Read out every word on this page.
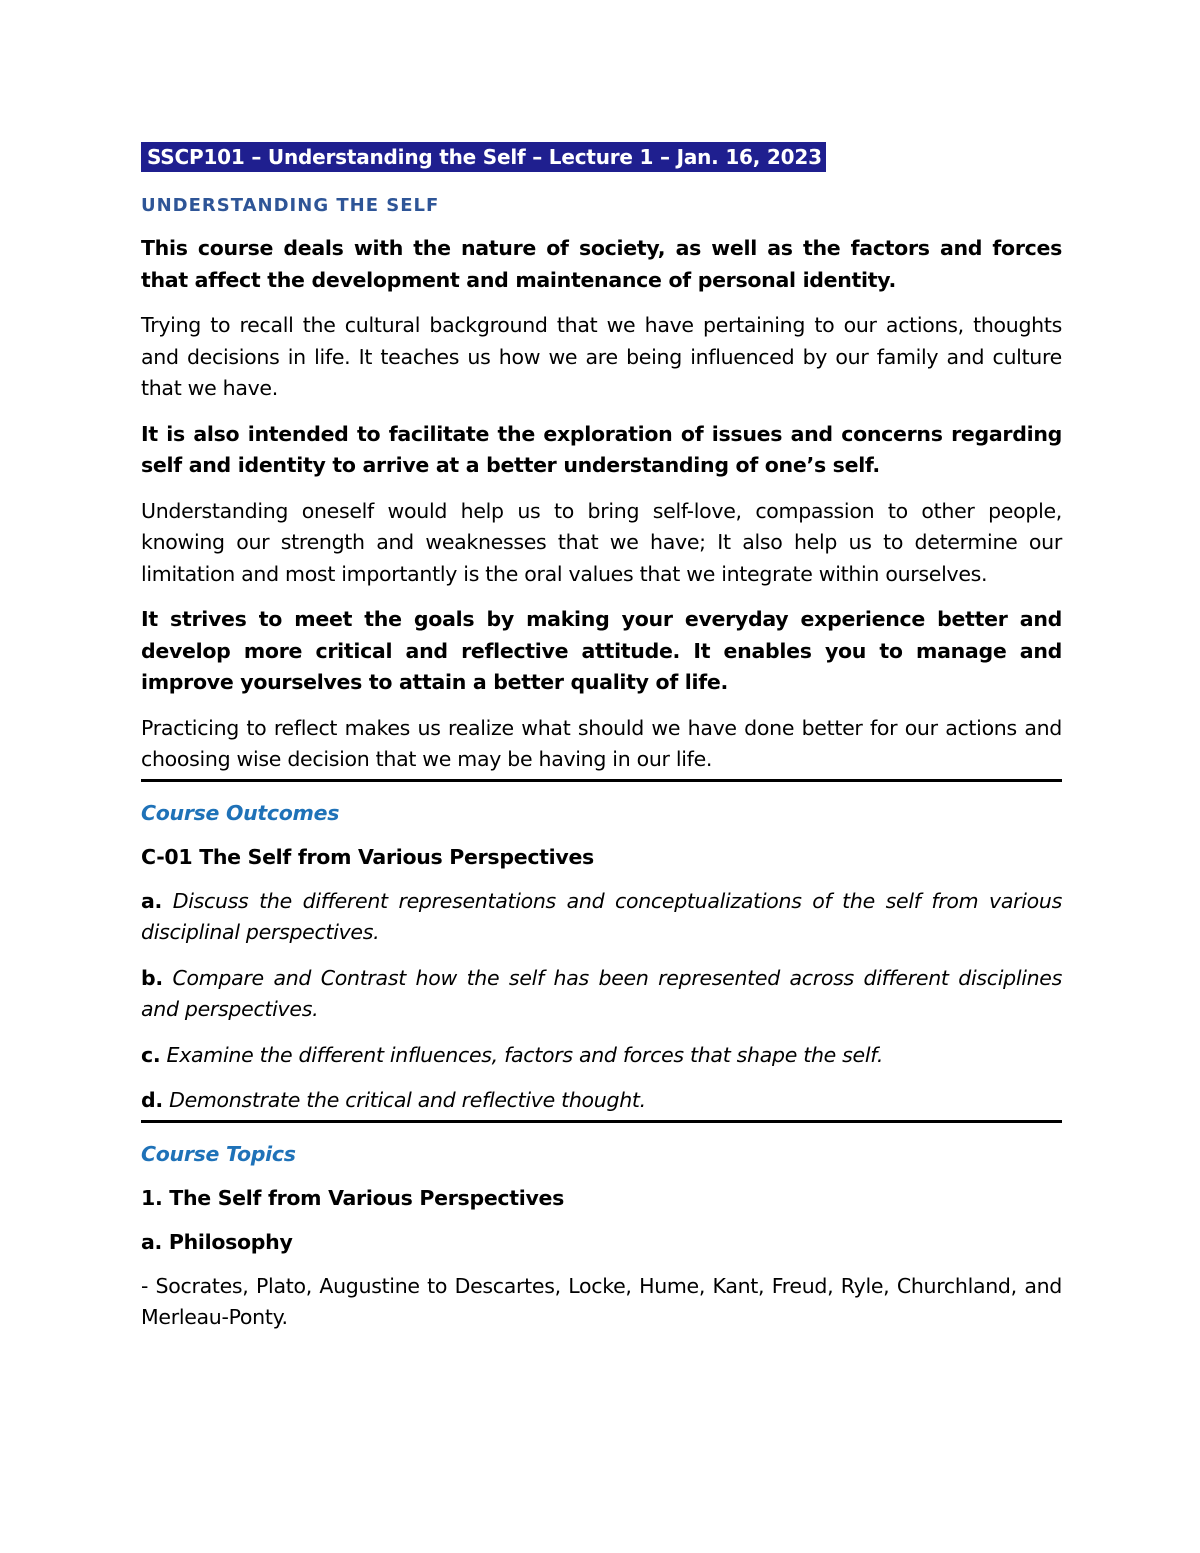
SSCP101 – Understanding the Self – Lecture 1 – Jan. 16, 2023
UNDERSTANDING THE SELF

This course deals with the nature of society, as well as the factors and forces that affect the development and maintenance of personal identity.

Trying to recall the cultural background that we have pertaining to our actions, thoughts and decisions in life. It teaches us how we are being influenced by our family and culture that we have.

It is also intended to facilitate the exploration of issues and concerns regarding self and identity to arrive at a better understanding of one’s self.

Understanding oneself would help us to bring self-love, compassion to other people, knowing our strength and weaknesses that we have; It also help us to determine our limitation and most importantly is the oral values that we integrate within ourselves.

It strives to meet the goals by making your everyday experience better and develop more critical and reflective attitude. It enables you to manage and improve yourselves to attain a better quality of life.

Practicing to reflect makes us realize what should we have done better for our actions and choosing wise decision that we may be having in our life.

Course Outcomes
C-01 The Self from Various Perspectives

a. Discuss the different representations and conceptualizations of the self from various disciplinal perspectives.

b. Compare and Contrast how the self has been represented across different disciplines and perspectives.

c. Examine the different influences, factors and forces that shape the self.

d. Demonstrate the critical and reflective thought.

Course Topics
1. The Self from Various Perspectives
a. Philosophy

- Socrates, Plato, Augustine to Descartes, Locke, Hume, Kant, Freud, Ryle, Churchland, and Merleau-Ponty.
